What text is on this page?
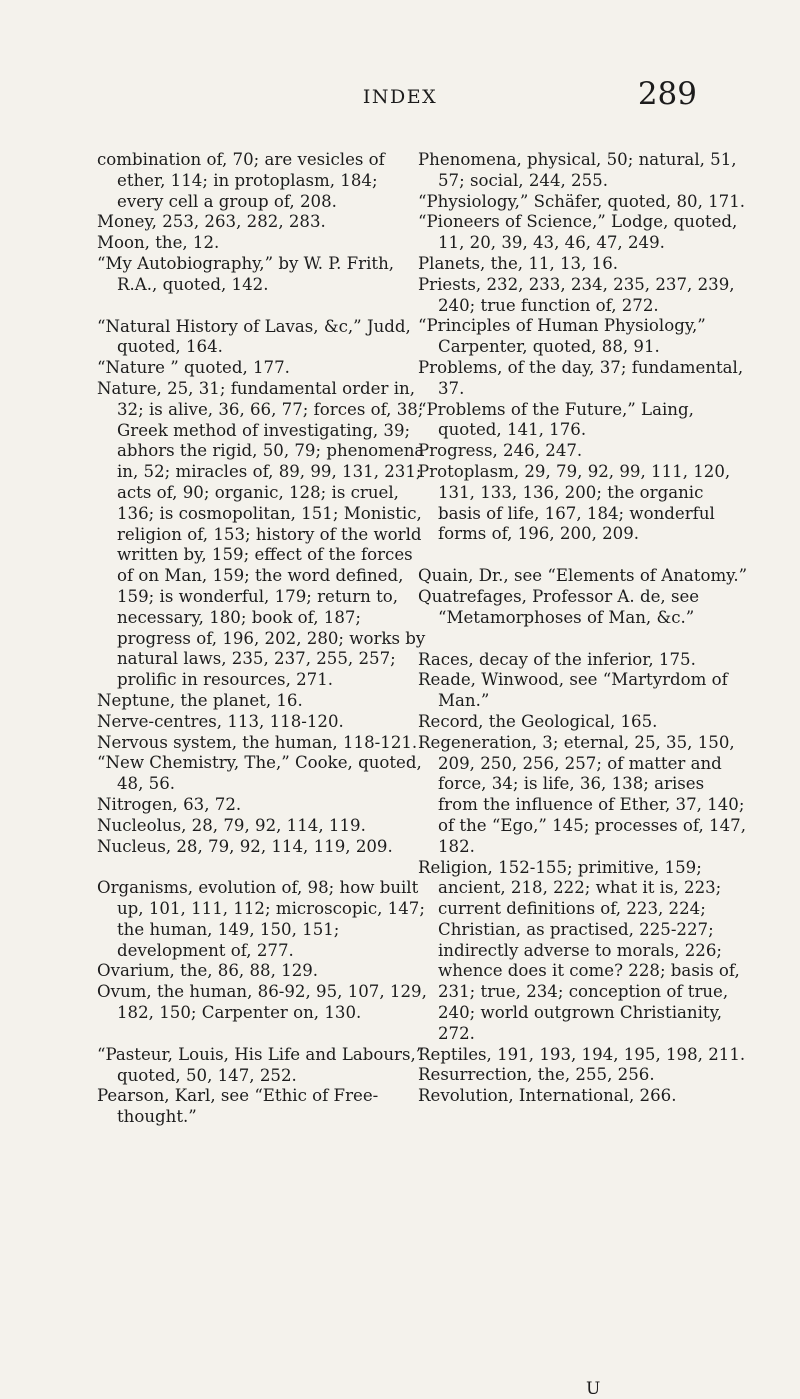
INDEX	289
combination of, 70; are vesicles of ether, 114; in protoplasm, 184; every cell a group of, 208.
Money, 253, 263, 282, 283.
Moon, the, 12.
“My Autobiography,” by W. P. Frith, R.A., quoted, 142.
“Natural History of Lavas, &c,” Judd, quoted, 164.
“Nature ” quoted, 177.
Nature, 25, 31; fundamental order in, 32; is alive, 36, 66, 77; forces of, 38; Greek method of investigating, 39; abhors the rigid, 50, 79; phenomena in, 52; miracles of, 89, 99, 131, 231; acts of, 90; organic, 128; is cruel, 136; is cosmopolitan, 151; Monistic, religion of, 153; history of the world written by, 159; effect of the forces of on Man, 159; the word defined, 159; is wonderful, 179; return to, necessary, 180; book of, 187; progress of, 196, 202, 280; works by natural laws, 235, 237, 255, 257; prolific in resources, 271.
Neptune, the planet, 16.
Nerve-centres, 113, 118-120.
Nervous system, the human, 118-121.
“New Chemistry, The,” Cooke, quoted, 48, 56.
Nitrogen, 63, 72.
Nucleolus, 28, 79, 92, 114, 119.
Nucleus, 28, 79, 92, 114, 119, 209.
Organisms, evolution of, 98; how built up, 101, 111, 112; microscopic, 147; the human, 149, 150, 151; development of, 277.
Ovarium, the, 86, 88, 129.
Ovum, the human, 86-92, 95, 107, 129, 182, 150; Carpenter on, 130.
“Pasteur, Louis, His Life and Labours,” quoted, 50, 147, 252.
Pearson, Karl, see “Ethic of Free-thought.”
Phenomena, physical, 50; natural, 51, 57; social, 244, 255.
“Physiology,” Schäfer, quoted, 80, 171.
“Pioneers of Science,” Lodge, quoted, 11, 20, 39, 43, 46, 47, 249.
Planets, the, 11, 13, 16.
Priests, 232, 233, 234, 235, 237, 239, 240; true function of, 272.
“Principles of Human Physiology,” Carpenter, quoted, 88, 91.
Problems, of the day, 37; fundamental, 37.
“Problems of the Future,” Laing, quoted, 141, 176.
Progress, 246, 247.
Protoplasm, 29, 79, 92, 99, 111, 120, 131, 133, 136, 200; the organic basis of life, 167, 184; wonderful forms of, 196, 200, 209.
Quain, Dr., see “Elements of Anatomy.”
Quatrefages, Professor A. de, see “Metamorphoses of Man, &c.”
Races, decay of the inferior, 175.
Reade, Winwood, see “Martyrdom of Man.”
Record, the Geological, 165.
Regeneration, 3; eternal, 25, 35, 150, 209, 250, 256, 257; of matter and force, 34; is life, 36, 138; arises from the influence of Ether, 37, 140; of the “Ego,” 145; processes of, 147, 182.
Religion, 152-155; primitive, 159; ancient, 218, 222; what it is, 223; current definitions of, 223, 224; Christian, as practised, 225-227; indirectly adverse to morals, 226; whence does it come? 228; basis of, 231; true, 234; conception of true, 240; world outgrown Christianity, 272.
Reptiles, 191, 193, 194, 195, 198, 211.
Resurrection, the, 255, 256.
Revolution, International, 266.
U
